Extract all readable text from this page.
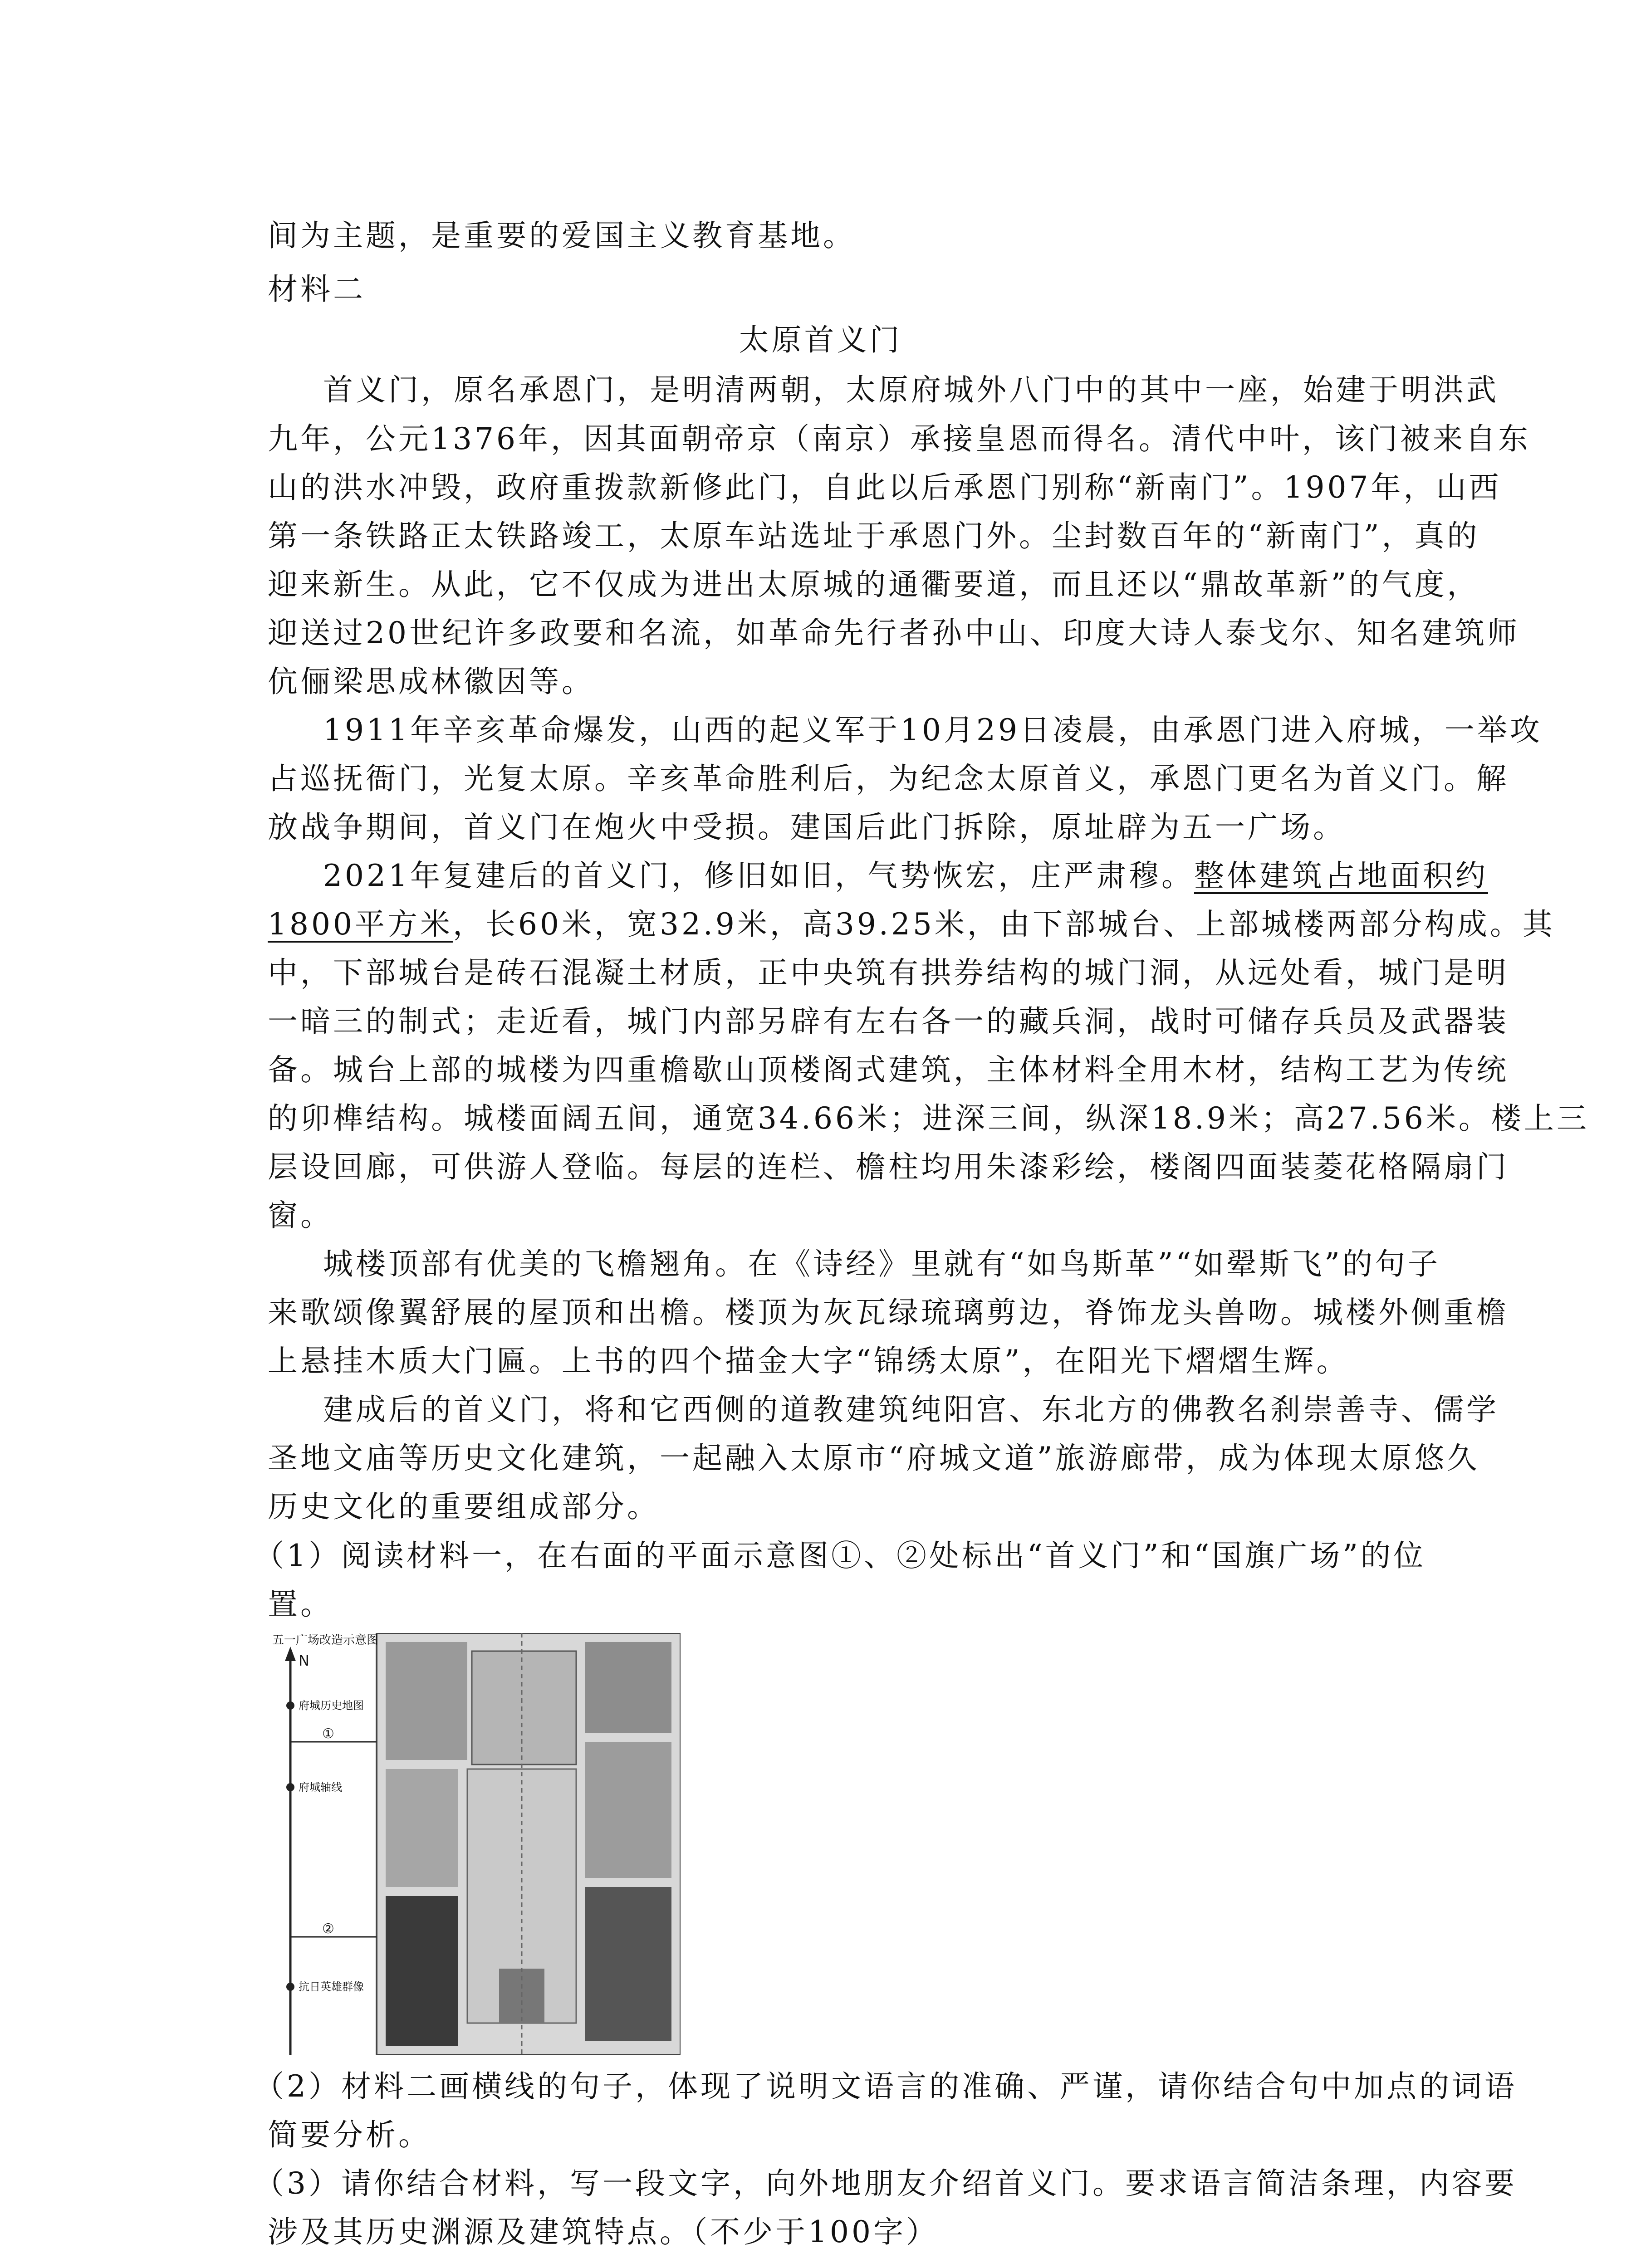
间为主题，是重要的爱国主义教育基地。
材料二
太原首义门
首义门，原名承恩门，是明清两朝，太原府城外八门中的其中一座，始建于明洪武
九年，公元1376年，因其面朝帝京（南京）承接皇恩而得名。清代中叶，该门被来自东
山的洪水冲毁，政府重拨款新修此门，自此以后承恩门别称“新南门”。1907年，山西
第一条铁路正太铁路竣工，太原车站选址于承恩门外。尘封数百年的“新南门”，真的
迎来新生。从此，它不仅成为进出太原城的通衢要道，而且还以“鼎故革新”的气度，
迎送过20世纪许多政要和名流，如革命先行者孙中山、印度大诗人泰戈尔、知名建筑师
伉俪梁思成林徽因等。
1911年辛亥革命爆发，山西的起义军于10月29日凌晨，由承恩门进入府城，一举攻
占巡抚衙门，光复太原。辛亥革命胜利后，为纪念太原首义，承恩门更名为首义门。解
放战争期间，首义门在炮火中受损。建国后此门拆除，原址辟为五一广场。
2021年复建后的首义门，修旧如旧，气势恢宏，庄严肃穆。整体建筑占地面积约
1800平方米，长60米，宽32.9米，高39.25米，由下部城台、上部城楼两部分构成。其
中，下部城台是砖石混凝土材质，正中央筑有拱券结构的城门洞，从远处看，城门是明
一暗三的制式；走近看，城门内部另辟有左右各一的藏兵洞，战时可储存兵员及武器装
备。城台上部的城楼为四重檐歇山顶楼阁式建筑，主体材料全用木材，结构工艺为传统
的卯榫结构。城楼面阔五间，通宽34.66米；进深三间，纵深18.9米；高27.56米。楼上三
层设回廊，可供游人登临。每层的连栏、檐柱均用朱漆彩绘，楼阁四面装菱花格隔扇门
窗。
城楼顶部有优美的飞檐翘角。在《诗经》里就有“如鸟斯革”“如翚斯飞”的句子
来歌颂像翼舒展的屋顶和出檐。楼顶为灰瓦绿琉璃剪边，脊饰龙头兽吻。城楼外侧重檐
上悬挂木质大门匾。上书的四个描金大字“锦绣太原”，在阳光下熠熠生辉。
建成后的首义门，将和它西侧的道教建筑纯阳宫、东北方的佛教名刹崇善寺、儒学
圣地文庙等历史文化建筑，一起融入太原市“府城文道”旅游廊带，成为体现太原悠久
历史文化的重要组成部分。
（1）阅读材料一，在右面的平面示意图①、②处标出“首义门”和“国旗广场”的位
置。
五一广场改造示意图
N
府城历史地图
①
府城轴线
②
抗日英雄群像
（2）材料二画横线的句子，体现了说明文语言的准确、严谨，请你结合句中加点的词语
简要分析。
（3）请你结合材料，写一段文字，向外地朋友介绍首义门。要求语言简洁条理，内容要
涉及其历史渊源及建筑特点。（不少于100字）
